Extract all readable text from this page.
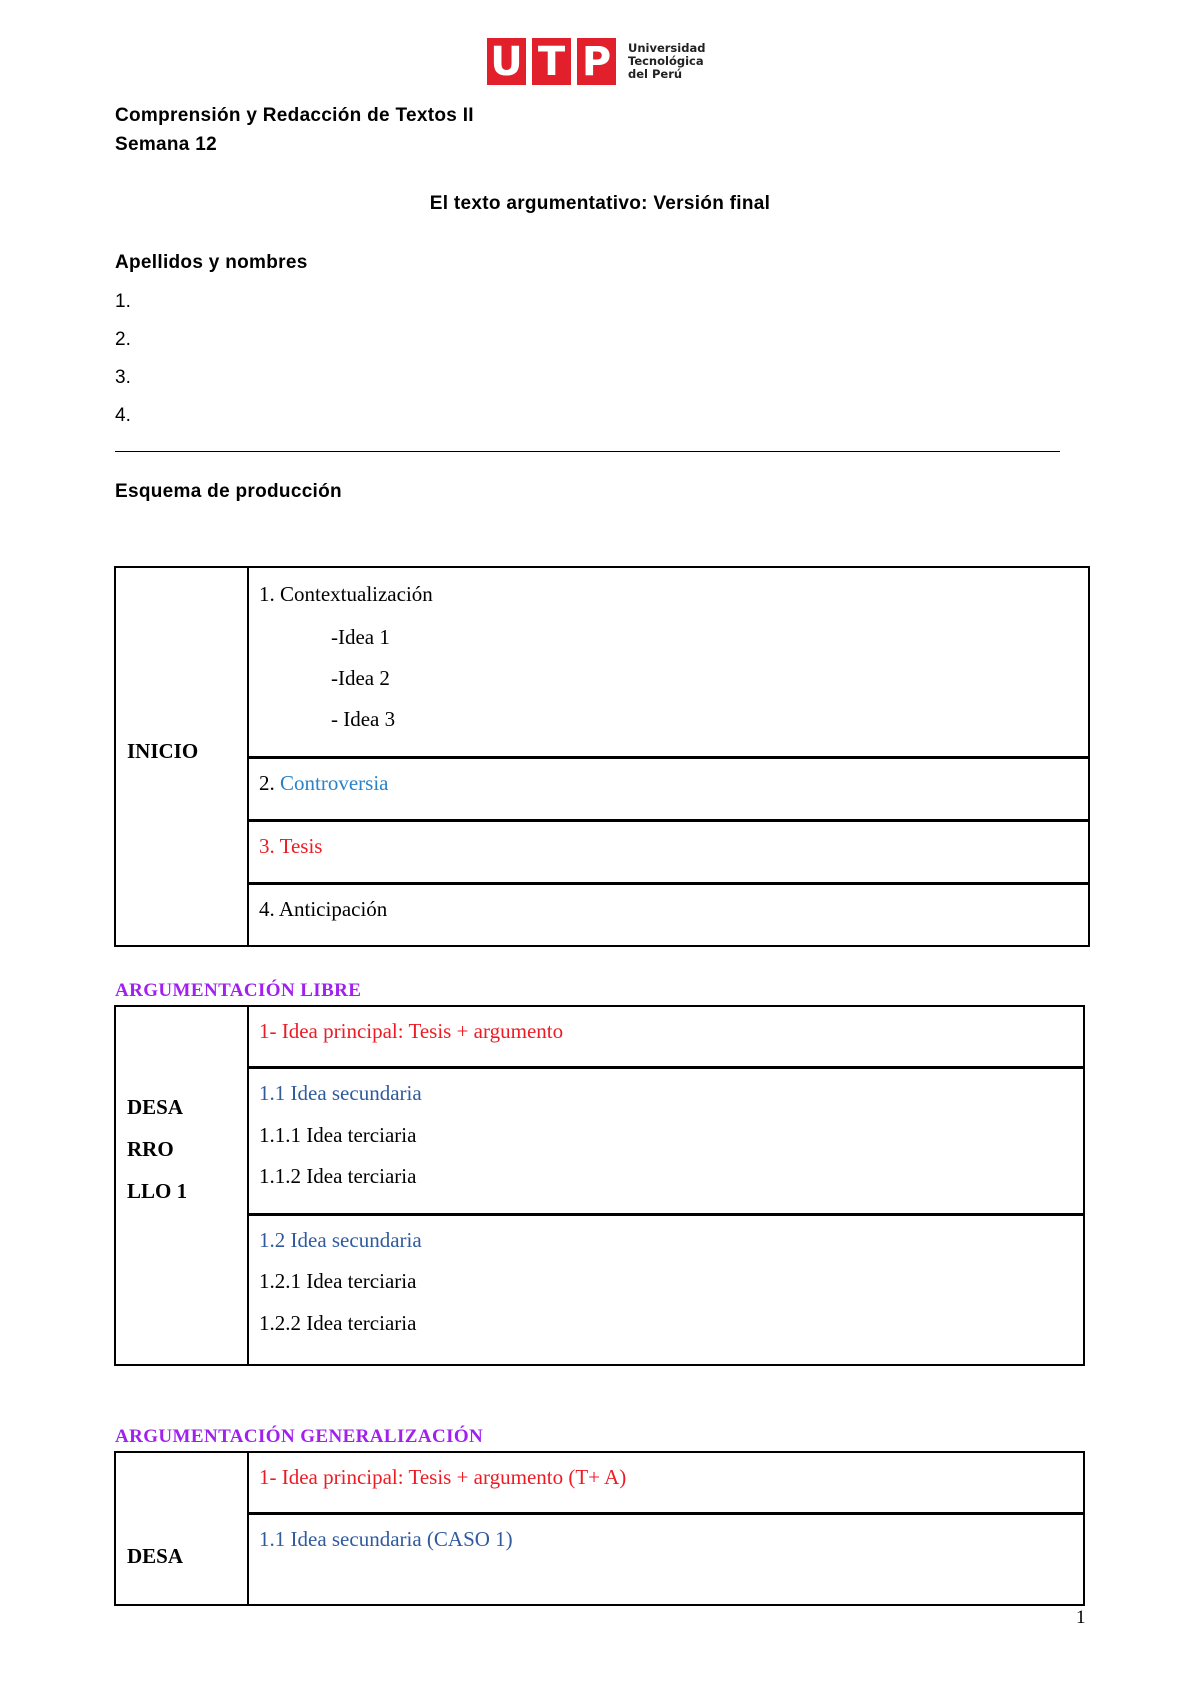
U T P	Universidad
Tecnológica
del Perú
Comprensión y Redacción de Textos II
Semana 12
El texto argumentativo: Versión final
Apellidos y nombres
1.
2.
3.
4.
Esquema de producción
INICIO
1. Contextualización
-Idea 1
-Idea 2
- Idea 3
2. Controversia
3. Tesis
4. Anticipación
ARGUMENTACIÓN LIBRE
DESA
RRO
LLO 1
1- Idea principal: Tesis + argumento
1.1 Idea secundaria
1.1.1 Idea terciaria
1.1.2 Idea terciaria
1.2 Idea secundaria
1.2.1 Idea terciaria
1.2.2 Idea terciaria
ARGUMENTACIÓN GENERALIZACIÓN
DESA
1- Idea principal: Tesis + argumento (T+ A)
1.1 Idea secundaria (CASO 1)
1
